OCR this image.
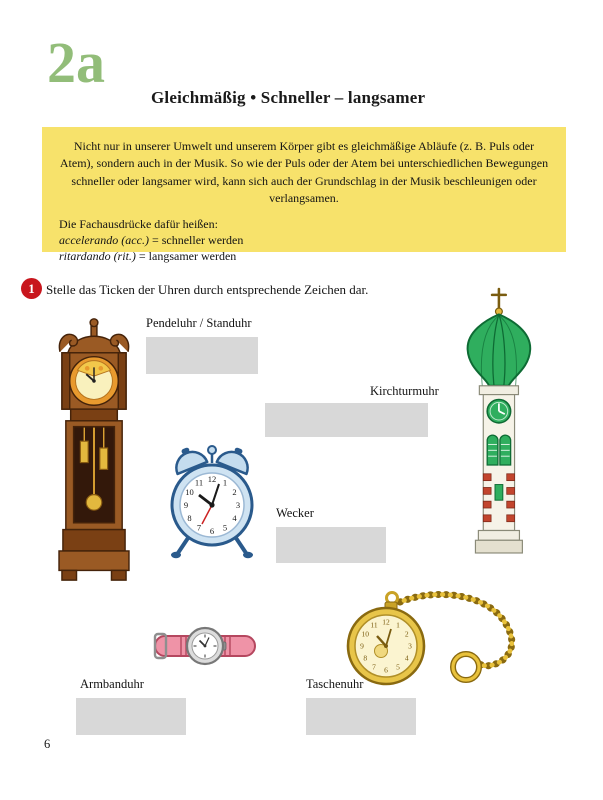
2a
Gleichmäßig • Schneller – langsamer

Nicht nur in unserer Umwelt und unserem Körper gibt es gleichmäßige Abläufe (z. B. Puls oder Atem), sondern auch in der Musik. So wie der Puls oder der Atem bei unterschiedlichen Bewegungen schneller oder langsamer wird, kann sich auch der Grundschlag in der Musik beschleunigen oder verlangsamen.

Die Fachausdrücke dafür heißen:

accelerando (acc.) = schneller werden

ritardando (rit.) = langsamer werden

1 Stelle das Ticken der Uhren durch entsprechende Zeichen dar.

Pendeluhr / Standuhr
Kirchturmuhr
Wecker
Armbanduhr	Taschenuhr
12 1
2
3
4
5
6
7
8
9
10
11
12 1
2
3
4
5
6
7
8
9
10
11
6
